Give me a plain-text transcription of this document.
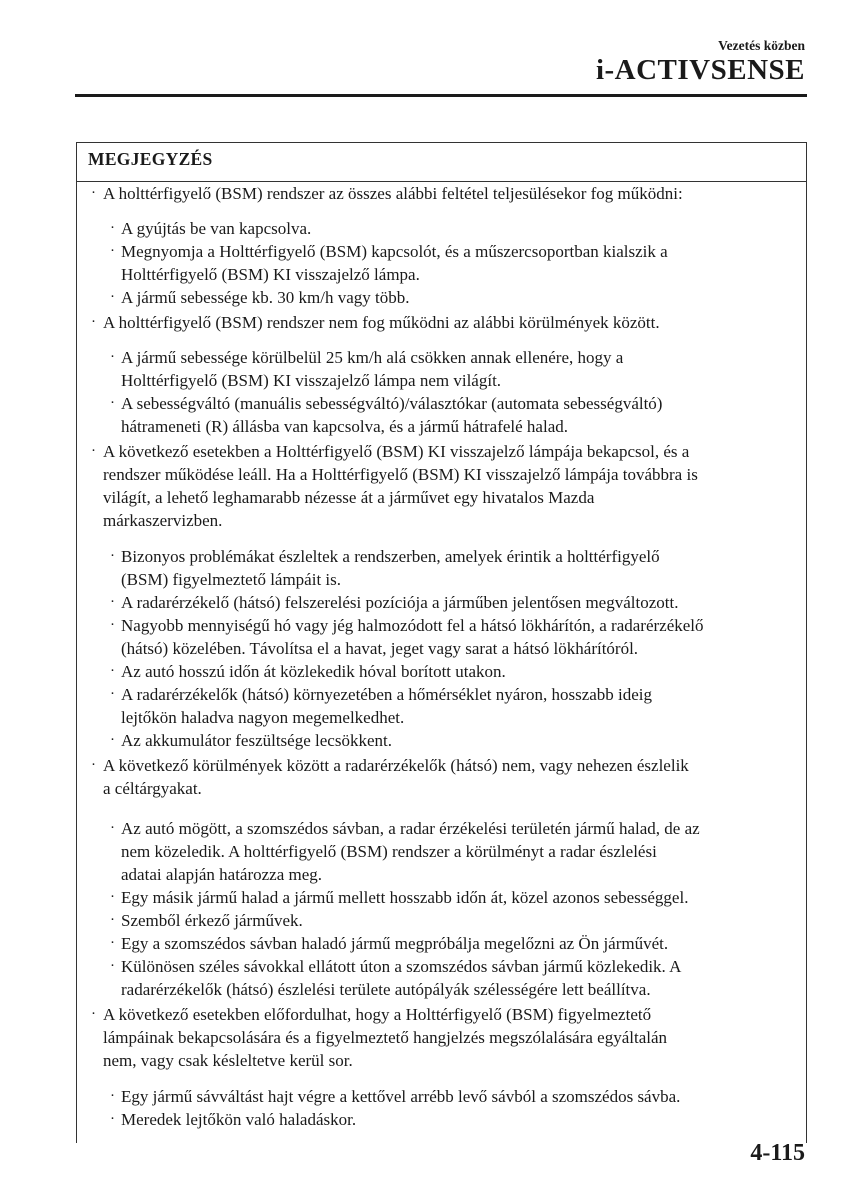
Vezetés közben
i-ACTIVSENSE
MEGJEGYZÉS
· A holttérfigyelő (BSM) rendszer az összes alábbi feltétel teljesülésekor fog működni:
· A gyújtás be van kapcsolva.
· Megnyomja a Holttérfigyelő (BSM) kapcsolót, és a műszercsoportban kialszik a
Holttérfigyelő (BSM) KI visszajelző lámpa.
· A jármű sebessége kb. 30 km/h vagy több.
· A holttérfigyelő (BSM) rendszer nem fog működni az alábbi körülmények között.
· A jármű sebessége körülbelül 25 km/h alá csökken annak ellenére, hogy a
Holttérfigyelő (BSM) KI visszajelző lámpa nem világít.
· A sebességváltó (manuális sebességváltó)/választókar (automata sebességváltó)
hátrameneti (R) állásba van kapcsolva, és a jármű hátrafelé halad.
· A következő esetekben a Holttérfigyelő (BSM) KI visszajelző lámpája bekapcsol, és a
rendszer működése leáll. Ha a Holttérfigyelő (BSM) KI visszajelző lámpája továbbra is
világít, a lehető leghamarabb nézesse át a járművet egy hivatalos Mazda
márkaszervizben.
· Bizonyos problémákat észleltek a rendszerben, amelyek érintik a holttérfigyelő
(BSM) figyelmeztető lámpáit is.
· A radarérzékelő (hátsó) felszerelési pozíciója a járműben jelentősen megváltozott.
· Nagyobb mennyiségű hó vagy jég halmozódott fel a hátsó lökhárítón, a radarérzékelő
(hátsó) közelében. Távolítsa el a havat, jeget vagy sarat a hátsó lökhárítóról.
· Az autó hosszú időn át közlekedik hóval borított utakon.
· A radarérzékelők (hátsó) környezetében a hőmérséklet nyáron, hosszabb ideig
lejtőkön haladva nagyon megemelkedhet.
· Az akkumulátor feszültsége lecsökkent.
· A következő körülmények között a radarérzékelők (hátsó) nem, vagy nehezen észlelik
a céltárgyakat.
· Az autó mögött, a szomszédos sávban, a radar érzékelési területén jármű halad, de az
nem közeledik. A holttérfigyelő (BSM) rendszer a körülményt a radar észlelési
adatai alapján határozza meg.
· Egy másik jármű halad a jármű mellett hosszabb időn át, közel azonos sebességgel.
· Szemből érkező járművek.
· Egy a szomszédos sávban haladó jármű megpróbálja megelőzni az Ön járművét.
· Különösen széles sávokkal ellátott úton a szomszédos sávban jármű közlekedik. A
radarérzékelők (hátsó) észlelési területe autópályák szélességére lett beállítva.
· A következő esetekben előfordulhat, hogy a Holttérfigyelő (BSM) figyelmeztető
lámpáinak bekapcsolására és a figyelmeztető hangjelzés megszólalására egyáltalán
nem, vagy csak késleltetve kerül sor.
· Egy jármű sávváltást hajt végre a kettővel arrébb levő sávból a szomszédos sávba.
· Meredek lejtőkön való haladáskor.
4-115
